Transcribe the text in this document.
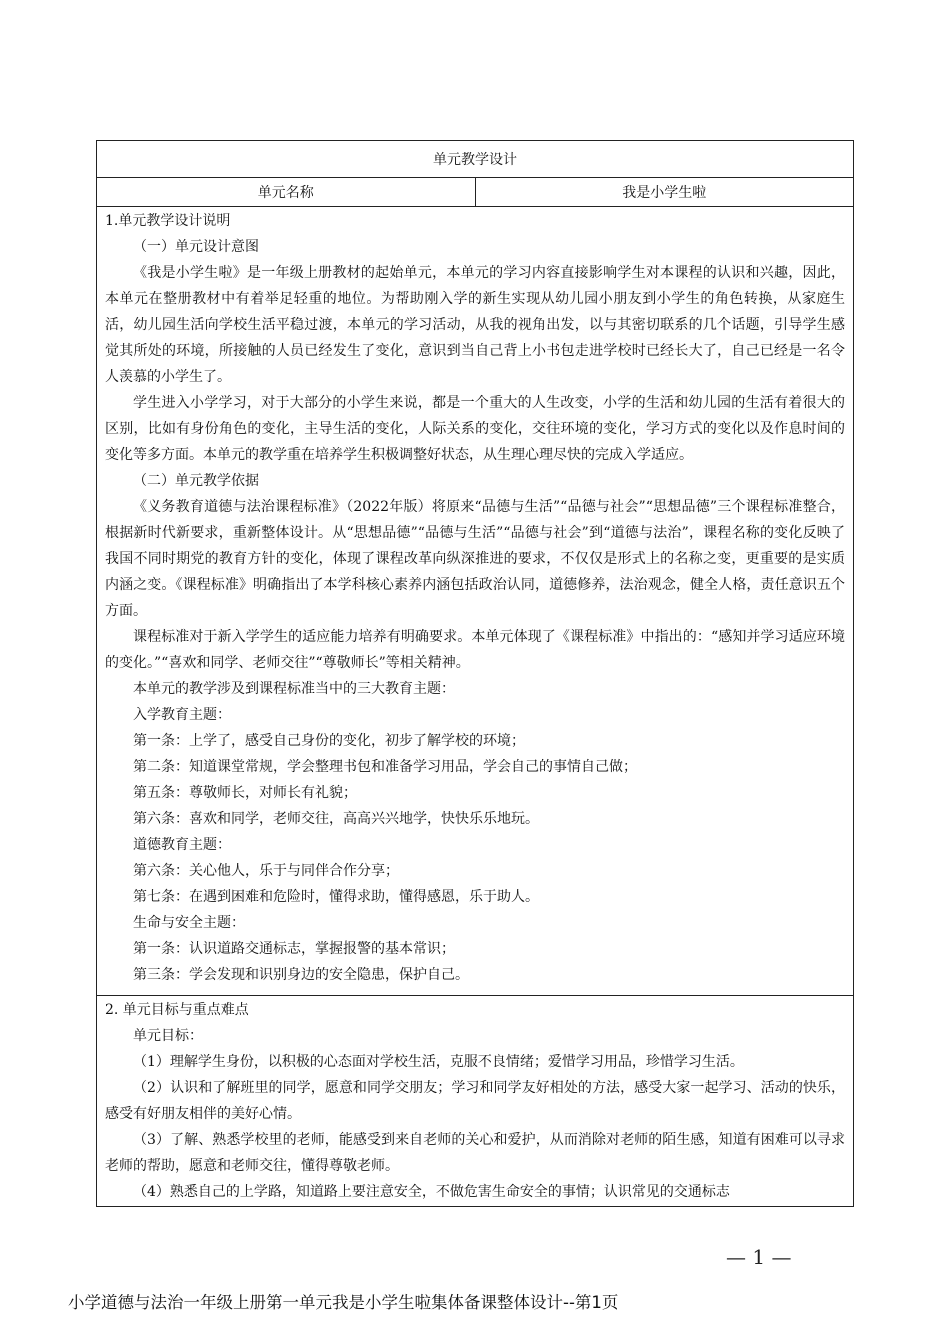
单元教学设计
单元名称	我是小学生啦

1.单元教学设计说明

（一）单元设计意图

《我是小学生啦》是一年级上册教材的起始单元，本单元的学习内容直接影响学生对本课程的认识和兴趣，因此，本单元在整册教材中有着举足轻重的地位。为帮助刚入学的新生实现从幼儿园小朋友到小学生的角色转换，从家庭生活，幼儿园生活向学校生活平稳过渡，本单元的学习活动，从我的视角出发，以与其密切联系的几个话题，引导学生感觉其所处的环境，所接触的人员已经发生了变化，意识到当自己背上小书包走进学校时已经长大了，自己已经是一名令人羡慕的小学生了。

学生进入小学学习，对于大部分的小学生来说，都是一个重大的人生改变，小学的生活和幼儿园的生活有着很大的区别，比如有身份角色的变化，主导生活的变化，人际关系的变化，交往环境的变化，学习方式的变化以及作息时间的变化等多方面。本单元的教学重在培养学生积极调整好状态，从生理心理尽快的完成入学适应。

（二）单元教学依据

《义务教育道德与法治课程标准》（2022年版）将原来“品德与生活”“品德与社会”“思想品德”三个课程标准整合，根据新时代新要求，重新整体设计。从“思想品德”“品德与生活”“品德与社会”到“道德与法治”，课程名称的变化反映了我国不同时期党的教育方针的变化，体现了课程改革向纵深推进的要求，不仅仅是形式上的名称之变，更重要的是实质内涵之变。《课程标准》明确指出了本学科核心素养内涵包括政治认同，道德修养，法治观念，健全人格，责任意识五个方面。

课程标准对于新入学学生的适应能力培养有明确要求。本单元体现了《课程标准》中指出的：“感知并学习适应环境的变化。”“喜欢和同学、老师交往”“尊敬师长”等相关精神。

本单元的教学涉及到课程标准当中的三大教育主题：

入学教育主题：

第一条：上学了，感受自己身份的变化，初步了解学校的环境；

第二条：知道课堂常规，学会整理书包和准备学习用品，学会自己的事情自己做；

第五条：尊敬师长，对师长有礼貌；

第六条：喜欢和同学，老师交往，高高兴兴地学，快快乐乐地玩。

道德教育主题：

第六条：关心他人，乐于与同伴合作分享；

第七条：在遇到困难和危险时，懂得求助，懂得感恩，乐于助人。

生命与安全主题：

第一条：认识道路交通标志，掌握报警的基本常识；

第三条：学会发现和识别身边的安全隐患，保护自己。

2. 单元目标与重点难点

单元目标：

（1）理解学生身份，以积极的心态面对学校生活，克服不良情绪；爱惜学习用品，珍惜学习生活。

（2）认识和了解班里的同学，愿意和同学交朋友；学习和同学友好相处的方法，感受大家一起学习、活动的快乐，感受有好朋友相伴的美好心情。

（3）了解、熟悉学校里的老师，能感受到来自老师的关心和爱护，从而消除对老师的陌生感，知道有困难可以寻求老师的帮助，愿意和老师交往，懂得尊敬老师。

（4）熟悉自己的上学路，知道路上要注意安全，不做危害生命安全的事情；认识常见的交通标志

— 1 —
小学道德与法治一年级上册第一单元我是小学生啦集体备课整体设计--第1页
